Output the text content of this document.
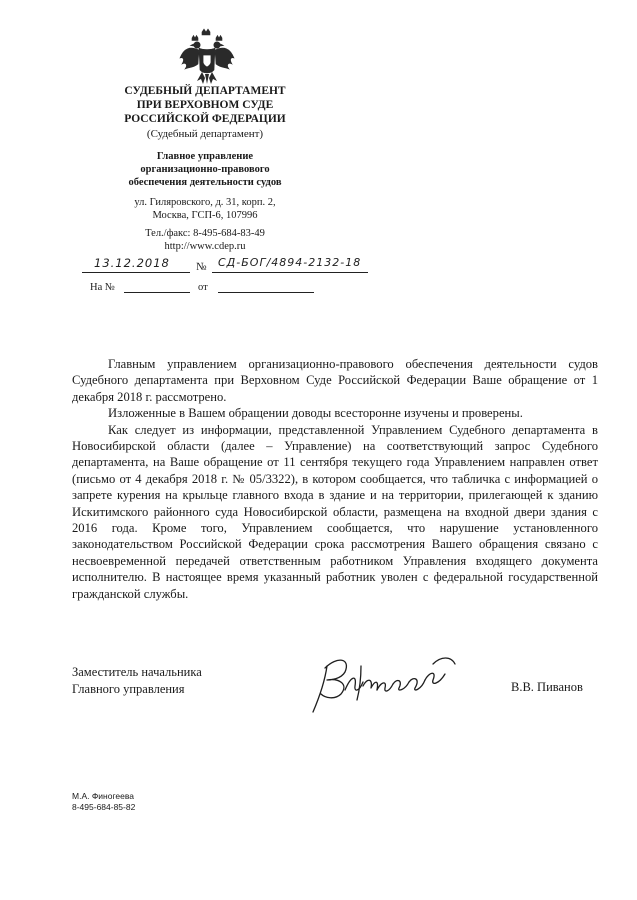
СУДЕБНЫЙ ДЕПАРТАМЕНТ
ПРИ ВЕРХОВНОМ СУДЕ
РОССИЙСКОЙ ФЕДЕРАЦИИ
(Судебный департамент)
Главное управление
организационно-правового
обеспечения деятельности судов
ул. Гиляровского, д. 31, корп. 2,
Москва, ГСП-6, 107996
Тел./факс: 8-495-684-83-49
http://www.cdep.ru
13.12.2018 № СД-БОГ/4894-2132-18
На №	от

Главным управлением организационно-правового обеспечения деятельности судов Судебного департамента при Верховном Суде Российской Федерации Ваше обращение от 1 декабря 2018 г. рассмотрено.

Изложенные в Вашем обращении доводы всесторонне изучены и проверены.

Как следует из информации, представленной Управлением Судебного департамента в Новосибирской области (далее – Управление) на соответствующий запрос Судебного департамента, на Ваше обращение от 11 сентября текущего года Управлением направлен ответ (письмо от 4 декабря 2018 г. № 05/3322), в котором сообщается, что табличка с информацией о запрете курения на крыльце главного входа в здание и на территории, прилегающей к зданию Искитимского районного суда Новосибирской области, размещена на входной двери здания с 2016 года. Кроме того, Управлением сообщается, что нарушение установленного законодательством Российской Федерации срока рассмотрения Вашего обращения связано с несвоевременной передачей ответственным работником Управления входящего документа исполнителю. В настоящее время указанный работник уволен с федеральной государственной гражданской службы.

Заместитель начальника
Главного управления	В.В. Пиванов
М.А. Финогеева
8-495-684-85-82
